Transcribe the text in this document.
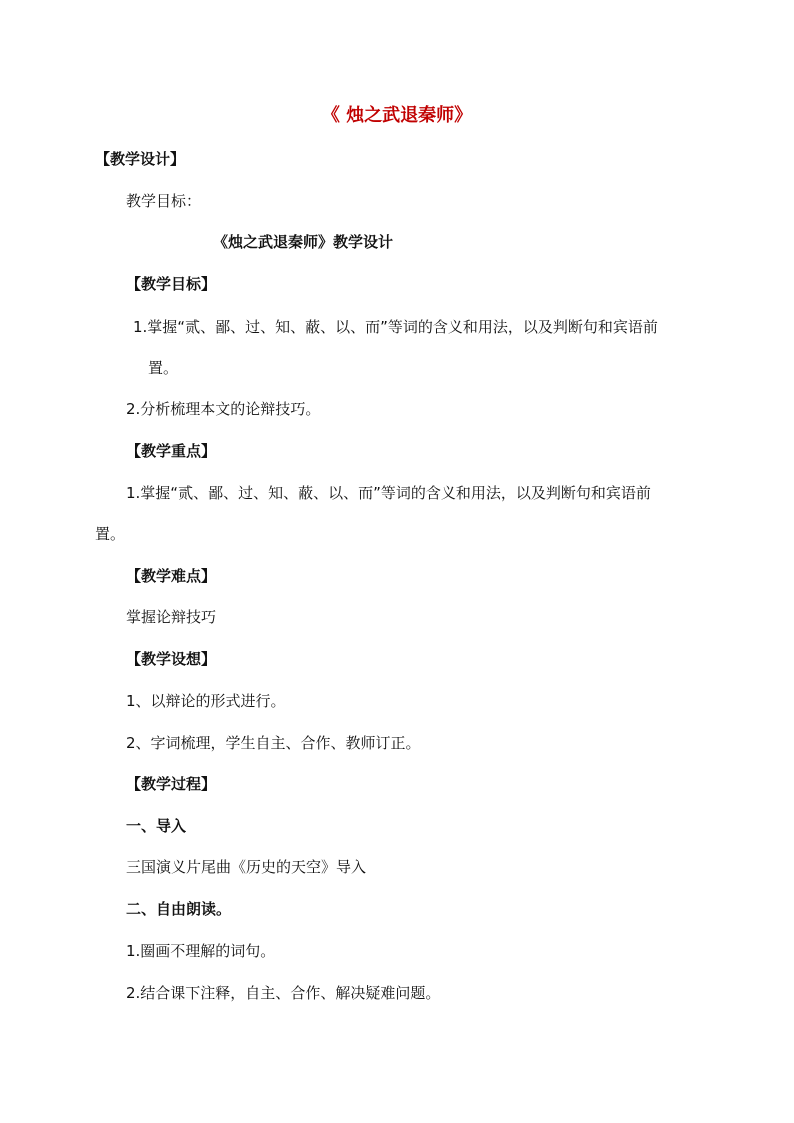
《 烛之武退秦师》
【教学设计】
教学目标：
《烛之武退秦师》教学设计
【教学目标】
1.掌握“贰、鄙、过、知、蔽、以、而”等词的含义和用法，以及判断句和宾语前
置。
2.分析梳理本文的论辩技巧。
【教学重点】
1.掌握“贰、鄙、过、知、蔽、以、而”等词的含义和用法，以及判断句和宾语前
置。
【教学难点】
掌握论辩技巧
【教学设想】
1、以辩论的形式进行。
2、字词梳理，学生自主、合作、教师订正。
【教学过程】
一、导入
三国演义片尾曲《历史的天空》导入
二、自由朗读。
1.圈画不理解的词句。
2.结合课下注释，自主、合作、解决疑难问题。
